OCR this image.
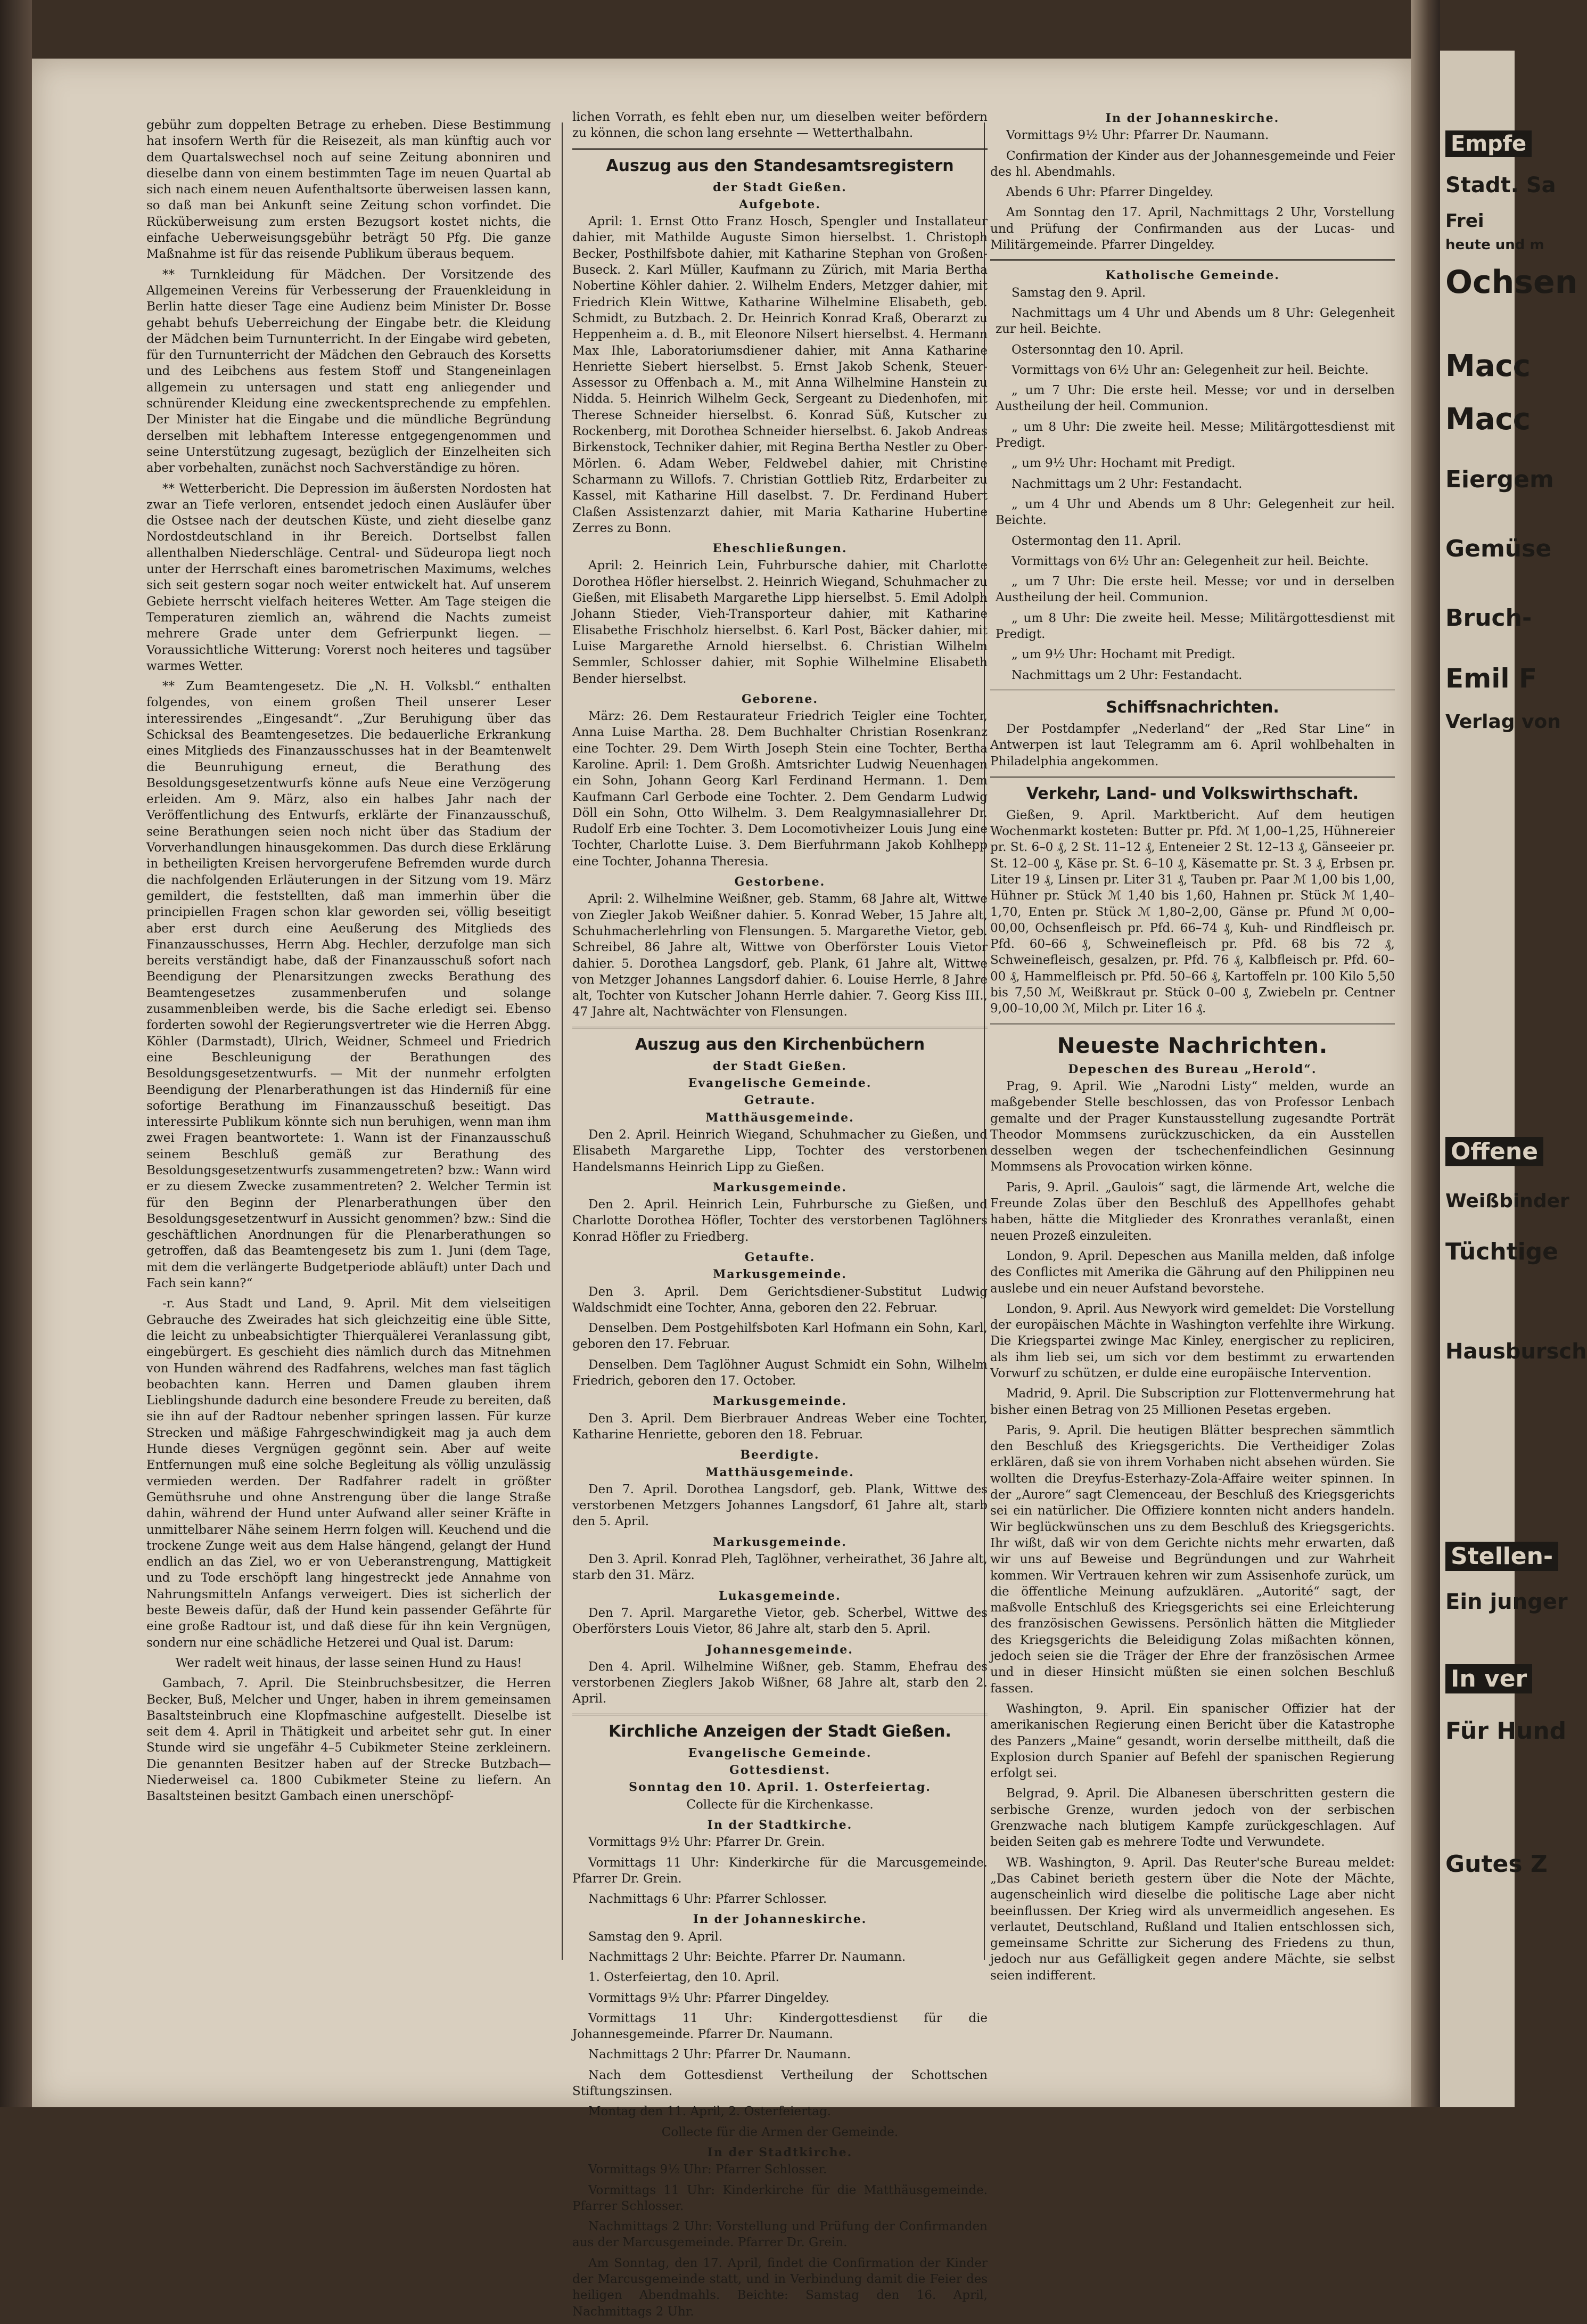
Empfe
Stadt. Sa
Frei
heute und m
Ochsen
Macc
Macc
Eiergem
Gemüse
Bruch-
Emil F
Verlag von
Offene
Weißbinder
Tüchtige
Hausbursch
Stellen-
Ein junger
In ver
Für Hund
Gutes Z

gebühr zum doppelten Betrage zu erheben. Diese Bestimmung hat insofern Werth für die Reisezeit, als man künftig auch vor dem Quartalswechsel noch auf seine Zeitung abonniren und dieselbe dann von einem bestimmten Tage im neuen Quartal ab sich nach einem neuen Aufenthaltsorte überweisen lassen kann, so daß man bei Ankunft seine Zeitung schon vorfindet. Die Rücküberweisung zum ersten Bezugsort kostet nichts, die einfache Ueberweisungsgebühr beträgt 50 Pfg. Die ganze Maßnahme ist für das reisende Publikum überaus bequem.

** Turnkleidung für Mädchen. Der Vorsitzende des Allgemeinen Vereins für Verbesserung der Frauenkleidung in Berlin hatte dieser Tage eine Audienz beim Minister Dr. Bosse gehabt behufs Ueberreichung der Eingabe betr. die Kleidung der Mädchen beim Turnunterricht. In der Eingabe wird gebeten, für den Turnunterricht der Mädchen den Gebrauch des Korsetts und des Leibchens aus festem Stoff und Stangeneinlagen allgemein zu untersagen und statt eng anliegender und schnürender Kleidung eine zweckentsprechende zu empfehlen. Der Minister hat die Eingabe und die mündliche Begründung derselben mit lebhaftem Interesse entgegengenommen und seine Unterstützung zugesagt, bezüglich der Einzelheiten sich aber vorbehalten, zunächst noch Sachverständige zu hören.

** Wetterbericht. Die Depression im äußersten Nordosten hat zwar an Tiefe verloren, entsendet jedoch einen Ausläufer über die Ostsee nach der deutschen Küste, und zieht dieselbe ganz Nordostdeutschland in ihr Bereich. Dortselbst fallen allenthalben Niederschläge. Central- und Südeuropa liegt noch unter der Herrschaft eines barometrischen Maximums, welches sich seit gestern sogar noch weiter entwickelt hat. Auf unserem Gebiete herrscht vielfach heiteres Wetter. Am Tage steigen die Temperaturen ziemlich an, während die Nachts zumeist mehrere Grade unter dem Gefrierpunkt liegen. — Voraussichtliche Witterung: Vorerst noch heiteres und tagsüber warmes Wetter.

** Zum Beamtengesetz. Die „N. H. Volksbl.“ enthalten folgendes, von einem großen Theil unserer Leser interessirendes „Eingesandt“. „Zur Beruhigung über das Schicksal des Beamtengesetzes. Die bedauerliche Erkrankung eines Mitglieds des Finanzausschusses hat in der Beamtenwelt die Beunruhigung erneut, die Berathung des Besoldungsgesetzentwurfs könne aufs Neue eine Verzögerung erleiden. Am 9. März, also ein halbes Jahr nach der Veröffentlichung des Entwurfs, erklärte der Finanzausschuß, seine Berathungen seien noch nicht über das Stadium der Vorverhandlungen hinausgekommen. Das durch diese Erklärung in betheiligten Kreisen hervorgerufene Befremden wurde durch die nachfolgenden Erläuterungen in der Sitzung vom 19. März gemildert, die feststellten, daß man immerhin über die principiellen Fragen schon klar geworden sei, völlig beseitigt aber erst durch eine Aeußerung des Mitglieds des Finanzausschusses, Herrn Abg. Hechler, derzufolge man sich bereits verständigt habe, daß der Finanzausschuß sofort nach Beendigung der Plenarsitzungen zwecks Berathung des Beamtengesetzes zusammenberufen und solange zusammenbleiben werde, bis die Sache erledigt sei. Ebenso forderten sowohl der Regierungsvertreter wie die Herren Abgg. Köhler (Darmstadt), Ulrich, Weidner, Schmeel und Friedrich eine Beschleunigung der Berathungen des Besoldungsgesetzentwurfs. — Mit der nunmehr erfolgten Beendigung der Plenarberathungen ist das Hinderniß für eine sofortige Berathung im Finanzausschuß beseitigt. Das interessirte Publikum könnte sich nun beruhigen, wenn man ihm zwei Fragen beantwortete: 1. Wann ist der Finanzausschuß seinem Beschluß gemäß zur Berathung des Besoldungsgesetzentwurfs zusammengetreten? bzw.: Wann wird er zu diesem Zwecke zusammentreten? 2. Welcher Termin ist für den Beginn der Plenarberathungen über den Besoldungsgesetzentwurf in Aussicht genommen? bzw.: Sind die geschäftlichen Anordnungen für die Plenarberathungen so getroffen, daß das Beamtengesetz bis zum 1. Juni (dem Tage, mit dem die verlängerte Budgetperiode abläuft) unter Dach und Fach sein kann?“

-r. Aus Stadt und Land, 9. April. Mit dem vielseitigen Gebrauche des Zweirades hat sich gleichzeitig eine üble Sitte, die leicht zu unbeabsichtigter Thierquälerei Veranlassung gibt, eingebürgert. Es geschieht dies nämlich durch das Mitnehmen von Hunden während des Radfahrens, welches man fast täglich beobachten kann. Herren und Damen glauben ihrem Lieblingshunde dadurch eine besondere Freude zu bereiten, daß sie ihn auf der Radtour nebenher springen lassen. Für kurze Strecken und mäßige Fahrgeschwindigkeit mag ja auch dem Hunde dieses Vergnügen gegönnt sein. Aber auf weite Entfernungen muß eine solche Begleitung als völlig unzulässig vermieden werden. Der Radfahrer radelt in größter Gemüthsruhe und ohne Anstrengung über die lange Straße dahin, während der Hund unter Aufwand aller seiner Kräfte in unmittelbarer Nähe seinem Herrn folgen will. Keuchend und die trockene Zunge weit aus dem Halse hängend, gelangt der Hund endlich an das Ziel, wo er von Ueberanstrengung, Mattigkeit und zu Tode erschöpft lang hingestreckt jede Annahme von Nahrungsmitteln Anfangs verweigert. Dies ist sicherlich der beste Beweis dafür, daß der Hund kein passender Gefährte für eine große Radtour ist, und daß diese für ihn kein Vergnügen, sondern nur eine schädliche Hetzerei und Qual ist. Darum:

Wer radelt weit hinaus, der lasse seinen Hund zu Haus!

Gambach, 7. April. Die Steinbruchsbesitzer, die Herren Becker, Buß, Melcher und Unger, haben in ihrem gemeinsamen Basaltsteinbruch eine Klopfmaschine aufgestellt. Dieselbe ist seit dem 4. April in Thätigkeit und arbeitet sehr gut. In einer Stunde wird sie ungefähr 4–5 Cubikmeter Steine zerkleinern. Die genannten Besitzer haben auf der Strecke Butzbach—Niederweisel ca. 1800 Cubikmeter Steine zu liefern. An Basaltsteinen besitzt Gambach einen unerschöpf-

lichen Vorrath, es fehlt eben nur, um dieselben weiter befördern zu können, die schon lang ersehnte — Wetterthalbahn.

Auszug aus den Standesamtsregistern
der Stadt Gießen.
Aufgebote.

April: 1. Ernst Otto Franz Hosch, Spengler und Installateur dahier, mit Mathilde Auguste Simon hierselbst. 1. Christoph Becker, Posthilfsbote dahier, mit Katharine Stephan von Großen-Buseck. 2. Karl Müller, Kaufmann zu Zürich, mit Maria Bertha Nobertine Köhler dahier. 2. Wilhelm Enders, Metzger dahier, mit Friedrich Klein Wittwe, Katharine Wilhelmine Elisabeth, geb. Schmidt, zu Butzbach. 2. Dr. Heinrich Konrad Kraß, Oberarzt zu Heppenheim a. d. B., mit Eleonore Nilsert hierselbst. 4. Hermann Max Ihle, Laboratoriumsdiener dahier, mit Anna Katharine Henriette Siebert hierselbst. 5. Ernst Jakob Schenk, Steuer-Assessor zu Offenbach a. M., mit Anna Wilhelmine Hanstein zu Nidda. 5. Heinrich Wilhelm Geck, Sergeant zu Diedenhofen, mit Therese Schneider hierselbst. 6. Konrad Süß, Kutscher zu Rockenberg, mit Dorothea Schneider hierselbst. 6. Jakob Andreas Birkenstock, Techniker dahier, mit Regina Bertha Nestler zu Ober-Mörlen. 6. Adam Weber, Feldwebel dahier, mit Christine Scharmann zu Willofs. 7. Christian Gottlieb Ritz, Erdarbeiter zu Kassel, mit Katharine Hill daselbst. 7. Dr. Ferdinand Hubert Claßen Assistenzarzt dahier, mit Maria Katharine Hubertine Zerres zu Bonn.

Eheschließungen.

April: 2. Heinrich Lein, Fuhrbursche dahier, mit Charlotte Dorothea Höfler hierselbst. 2. Heinrich Wiegand, Schuhmacher zu Gießen, mit Elisabeth Margarethe Lipp hierselbst. 5. Emil Adolph Johann Stieder, Vieh-Transporteur dahier, mit Katharine Elisabethe Frischholz hierselbst. 6. Karl Post, Bäcker dahier, mit Luise Margarethe Arnold hierselbst. 6. Christian Wilhelm Semmler, Schlosser dahier, mit Sophie Wilhelmine Elisabeth Bender hierselbst.

Geborene.

März: 26. Dem Restaurateur Friedrich Teigler eine Tochter, Anna Luise Martha. 28. Dem Buchhalter Christian Rosenkranz eine Tochter. 29. Dem Wirth Joseph Stein eine Tochter, Bertha Karoline. April: 1. Dem Großh. Amtsrichter Ludwig Neuenhagen ein Sohn, Johann Georg Karl Ferdinand Hermann. 1. Dem Kaufmann Carl Gerbode eine Tochter. 2. Dem Gendarm Ludwig Döll ein Sohn, Otto Wilhelm. 3. Dem Realgymnasiallehrer Dr. Rudolf Erb eine Tochter. 3. Dem Locomotivheizer Louis Jung eine Tochter, Charlotte Luise. 3. Dem Bierfuhrmann Jakob Kohlhepp eine Tochter, Johanna Theresia.

Gestorbene.

April: 2. Wilhelmine Weißner, geb. Stamm, 68 Jahre alt, Wittwe von Ziegler Jakob Weißner dahier. 5. Konrad Weber, 15 Jahre alt, Schuhmacherlehrling von Flensungen. 5. Margarethe Vietor, geb. Schreibel, 86 Jahre alt, Wittwe von Oberförster Louis Vietor dahier. 5. Dorothea Langsdorf, geb. Plank, 61 Jahre alt, Wittwe von Metzger Johannes Langsdorf dahier. 6. Louise Herrle, 8 Jahre alt, Tochter von Kutscher Johann Herrle dahier. 7. Georg Kiss III., 47 Jahre alt, Nachtwächter von Flensungen.

Auszug aus den Kirchenbüchern
der Stadt Gießen.
Evangelische Gemeinde.
Getraute.
Matthäusgemeinde.

Den 2. April. Heinrich Wiegand, Schuhmacher zu Gießen, und Elisabeth Margarethe Lipp, Tochter des verstorbenen Handelsmanns Heinrich Lipp zu Gießen.

Markusgemeinde.

Den 2. April. Heinrich Lein, Fuhrbursche zu Gießen, und Charlotte Dorothea Höfler, Tochter des verstorbenen Taglöhners Konrad Höfler zu Friedberg.

Getaufte.
Markusgemeinde.

Den 3. April. Dem Gerichtsdiener-Substitut Ludwig Waldschmidt eine Tochter, Anna, geboren den 22. Februar.

Denselben. Dem Postgehilfsboten Karl Hofmann ein Sohn, Karl, geboren den 17. Februar.

Denselben. Dem Taglöhner August Schmidt ein Sohn, Wilhelm Friedrich, geboren den 17. October.

Markusgemeinde.

Den 3. April. Dem Bierbrauer Andreas Weber eine Tochter, Katharine Henriette, geboren den 18. Februar.

Beerdigte.
Matthäusgemeinde.

Den 7. April. Dorothea Langsdorf, geb. Plank, Wittwe des verstorbenen Metzgers Johannes Langsdorf, 61 Jahre alt, starb den 5. April.

Markusgemeinde.

Den 3. April. Konrad Pleh, Taglöhner, verheirathet, 36 Jahre alt, starb den 31. März.

Lukasgemeinde.

Den 7. April. Margarethe Vietor, geb. Scherbel, Wittwe des Oberförsters Louis Vietor, 86 Jahre alt, starb den 5. April.

Johannesgemeinde.

Den 4. April. Wilhelmine Wißner, geb. Stamm, Ehefrau des verstorbenen Zieglers Jakob Wißner, 68 Jahre alt, starb den 2. April.

Kirchliche Anzeigen der Stadt Gießen.
Evangelische Gemeinde.
Gottesdienst.
Sonntag den 10. April. 1. Osterfeiertag.

Collecte für die Kirchenkasse.

In der Stadtkirche.

Vormittags 9½ Uhr: Pfarrer Dr. Grein.

Vormittags 11 Uhr: Kinderkirche für die Marcusgemeinde. Pfarrer Dr. Grein.

Nachmittags 6 Uhr: Pfarrer Schlosser.

In der Johanneskirche.

Samstag den 9. April.

Nachmittags 2 Uhr: Beichte. Pfarrer Dr. Naumann.

1. Osterfeiertag, den 10. April.

Vormittags 9½ Uhr: Pfarrer Dingeldey.

Vormittags 11 Uhr: Kindergottesdienst für die Johannesgemeinde. Pfarrer Dr. Naumann.

Nachmittags 2 Uhr: Pfarrer Dr. Naumann.

Nach dem Gottesdienst Vertheilung der Schottschen Stiftungszinsen.

Montag den 11. April, 2. Osterfeiertag.

Collecte für die Armen der Gemeinde.

In der Stadtkirche.

Vormittags 9½ Uhr: Pfarrer Schlosser.

Vormittags 11 Uhr: Kinderkirche für die Matthäusgemeinde. Pfarrer Schlosser.

Nachmittags 2 Uhr: Vorstellung und Prüfung der Confirmanden aus der Marcusgemeinde. Pfarrer Dr. Grein.

Am Sonntag, den 17. April, findet die Confirmation der Kinder der Marcusgemeinde statt, und in Verbindung damit die Feier des heiligen Abendmahls. Beichte: Samstag den 16. April, Nachmittags 2 Uhr.

In der Johanneskirche.

Vormittags 9½ Uhr: Pfarrer Dr. Naumann.

Confirmation der Kinder aus der Johannesgemeinde und Feier des hl. Abendmahls.

Abends 6 Uhr: Pfarrer Dingeldey.

Am Sonntag den 17. April, Nachmittags 2 Uhr, Vorstellung und Prüfung der Confirmanden aus der Lucas- und Militärgemeinde. Pfarrer Dingeldey.

Katholische Gemeinde.

Samstag den 9. April.

Nachmittags um 4 Uhr und Abends um 8 Uhr: Gelegenheit zur heil. Beichte.

Ostersonntag den 10. April.

Vormittags von 6½ Uhr an: Gelegenheit zur heil. Beichte.

„ um 7 Uhr: Die erste heil. Messe; vor und in derselben Austheilung der heil. Communion.

„ um 8 Uhr: Die zweite heil. Messe; Militärgottesdienst mit Predigt.

„ um 9½ Uhr: Hochamt mit Predigt.

Nachmittags um 2 Uhr: Festandacht.

„ um 4 Uhr und Abends um 8 Uhr: Gelegenheit zur heil. Beichte.

Ostermontag den 11. April.

Vormittags von 6½ Uhr an: Gelegenheit zur heil. Beichte.

„ um 7 Uhr: Die erste heil. Messe; vor und in derselben Austheilung der heil. Communion.

„ um 8 Uhr: Die zweite heil. Messe; Militärgottesdienst mit Predigt.

„ um 9½ Uhr: Hochamt mit Predigt.

Nachmittags um 2 Uhr: Festandacht.

Schiffsnachrichten.

Der Postdampfer „Nederland“ der „Red Star Line“ in Antwerpen ist laut Telegramm am 6. April wohlbehalten in Philadelphia angekommen.

Verkehr, Land- und Volkswirthschaft.

Gießen, 9. April. Marktbericht. Auf dem heutigen Wochenmarkt kosteten: Butter pr. Pfd. ℳ 1,00–1,25, Hühnereier pr. St. 6–0 ₰, 2 St. 11–12 ₰, Enteneier 2 St. 12–13 ₰, Gänseeier pr. St. 12–00 ₰, Käse pr. St. 6–10 ₰, Käsematte pr. St. 3 ₰, Erbsen pr. Liter 19 ₰, Linsen pr. Liter 31 ₰, Tauben pr. Paar ℳ 1,00 bis 1,00, Hühner pr. Stück ℳ 1,40 bis 1,60, Hahnen pr. Stück ℳ 1,40–1,70, Enten pr. Stück ℳ 1,80–2,00, Gänse pr. Pfund ℳ 0,00–00,00, Ochsenfleisch pr. Pfd. 66–74 ₰, Kuh- und Rindfleisch pr. Pfd. 60–66 ₰, Schweinefleisch pr. Pfd. 68 bis 72 ₰, Schweinefleisch, gesalzen, pr. Pfd. 76 ₰, Kalbfleisch pr. Pfd. 60–00 ₰, Hammelfleisch pr. Pfd. 50–66 ₰, Kartoffeln pr. 100 Kilo 5,50 bis 7,50 ℳ, Weißkraut pr. Stück 0–00 ₰, Zwiebeln pr. Centner 9,00–10,00 ℳ, Milch pr. Liter 16 ₰.

Neueste Nachrichten.
Depeschen des Bureau „Herold“.

Prag, 9. April. Wie „Narodni Listy“ melden, wurde an maßgebender Stelle beschlossen, das von Professor Lenbach gemalte und der Prager Kunstausstellung zugesandte Porträt Theodor Mommsens zurückzuschicken, da ein Ausstellen desselben wegen der tschechenfeindlichen Gesinnung Mommsens als Provocation wirken könne.

Paris, 9. April. „Gaulois“ sagt, die lärmende Art, welche die Freunde Zolas über den Beschluß des Appellhofes gehabt haben, hätte die Mitglieder des Kronrathes veranlaßt, einen neuen Prozeß einzuleiten.

London, 9. April. Depeschen aus Manilla melden, daß infolge des Conflictes mit Amerika die Gährung auf den Philippinen neu auslebe und ein neuer Aufstand bevorstehe.

London, 9. April. Aus Newyork wird gemeldet: Die Vorstellung der europäischen Mächte in Washington verfehlte ihre Wirkung. Die Kriegspartei zwinge Mac Kinley, energischer zu repliciren, als ihm lieb sei, um sich vor dem bestimmt zu erwartenden Vorwurf zu schützen, er dulde eine europäische Intervention.

Madrid, 9. April. Die Subscription zur Flottenvermehrung hat bisher einen Betrag von 25 Millionen Pesetas ergeben.

Paris, 9. April. Die heutigen Blätter besprechen sämmtlich den Beschluß des Kriegsgerichts. Die Vertheidiger Zolas erklären, daß sie von ihrem Vorhaben nicht absehen würden. Sie wollten die Dreyfus-Esterhazy-Zola-Affaire weiter spinnen. In der „Aurore“ sagt Clemenceau, der Beschluß des Kriegsgerichts sei ein natürlicher. Die Offiziere konnten nicht anders handeln. Wir beglückwünschen uns zu dem Beschluß des Kriegsgerichts. Ihr wißt, daß wir von dem Gerichte nichts mehr erwarten, daß wir uns auf Beweise und Begründungen und zur Wahrheit kommen. Wir Vertrauen kehren wir zum Assisenhofe zurück, um die öffentliche Meinung aufzuklären. „Autorité“ sagt, der maßvolle Entschluß des Kriegsgerichts sei eine Erleichterung des französischen Gewissens. Persönlich hätten die Mitglieder des Kriegsgerichts die Beleidigung Zolas mißachten können, jedoch seien sie die Träger der Ehre der französischen Armee und in dieser Hinsicht müßten sie einen solchen Beschluß fassen.

Washington, 9. April. Ein spanischer Offizier hat der amerikanischen Regierung einen Bericht über die Katastrophe des Panzers „Maine“ gesandt, worin derselbe mittheilt, daß die Explosion durch Spanier auf Befehl der spanischen Regierung erfolgt sei.

Belgrad, 9. April. Die Albanesen überschritten gestern die serbische Grenze, wurden jedoch von der serbischen Grenzwache nach blutigem Kampfe zurückgeschlagen. Auf beiden Seiten gab es mehrere Todte und Verwundete.

WB. Washington, 9. April. Das Reuter'sche Bureau meldet: „Das Cabinet berieth gestern über die Note der Mächte, augenscheinlich wird dieselbe die politische Lage aber nicht beeinflussen. Der Krieg wird als unvermeidlich angesehen. Es verlautet, Deutschland, Rußland und Italien entschlossen sich, gemeinsame Schritte zur Sicherung des Friedens zu thun, jedoch nur aus Gefälligkeit gegen andere Mächte, sie selbst seien indifferent.
